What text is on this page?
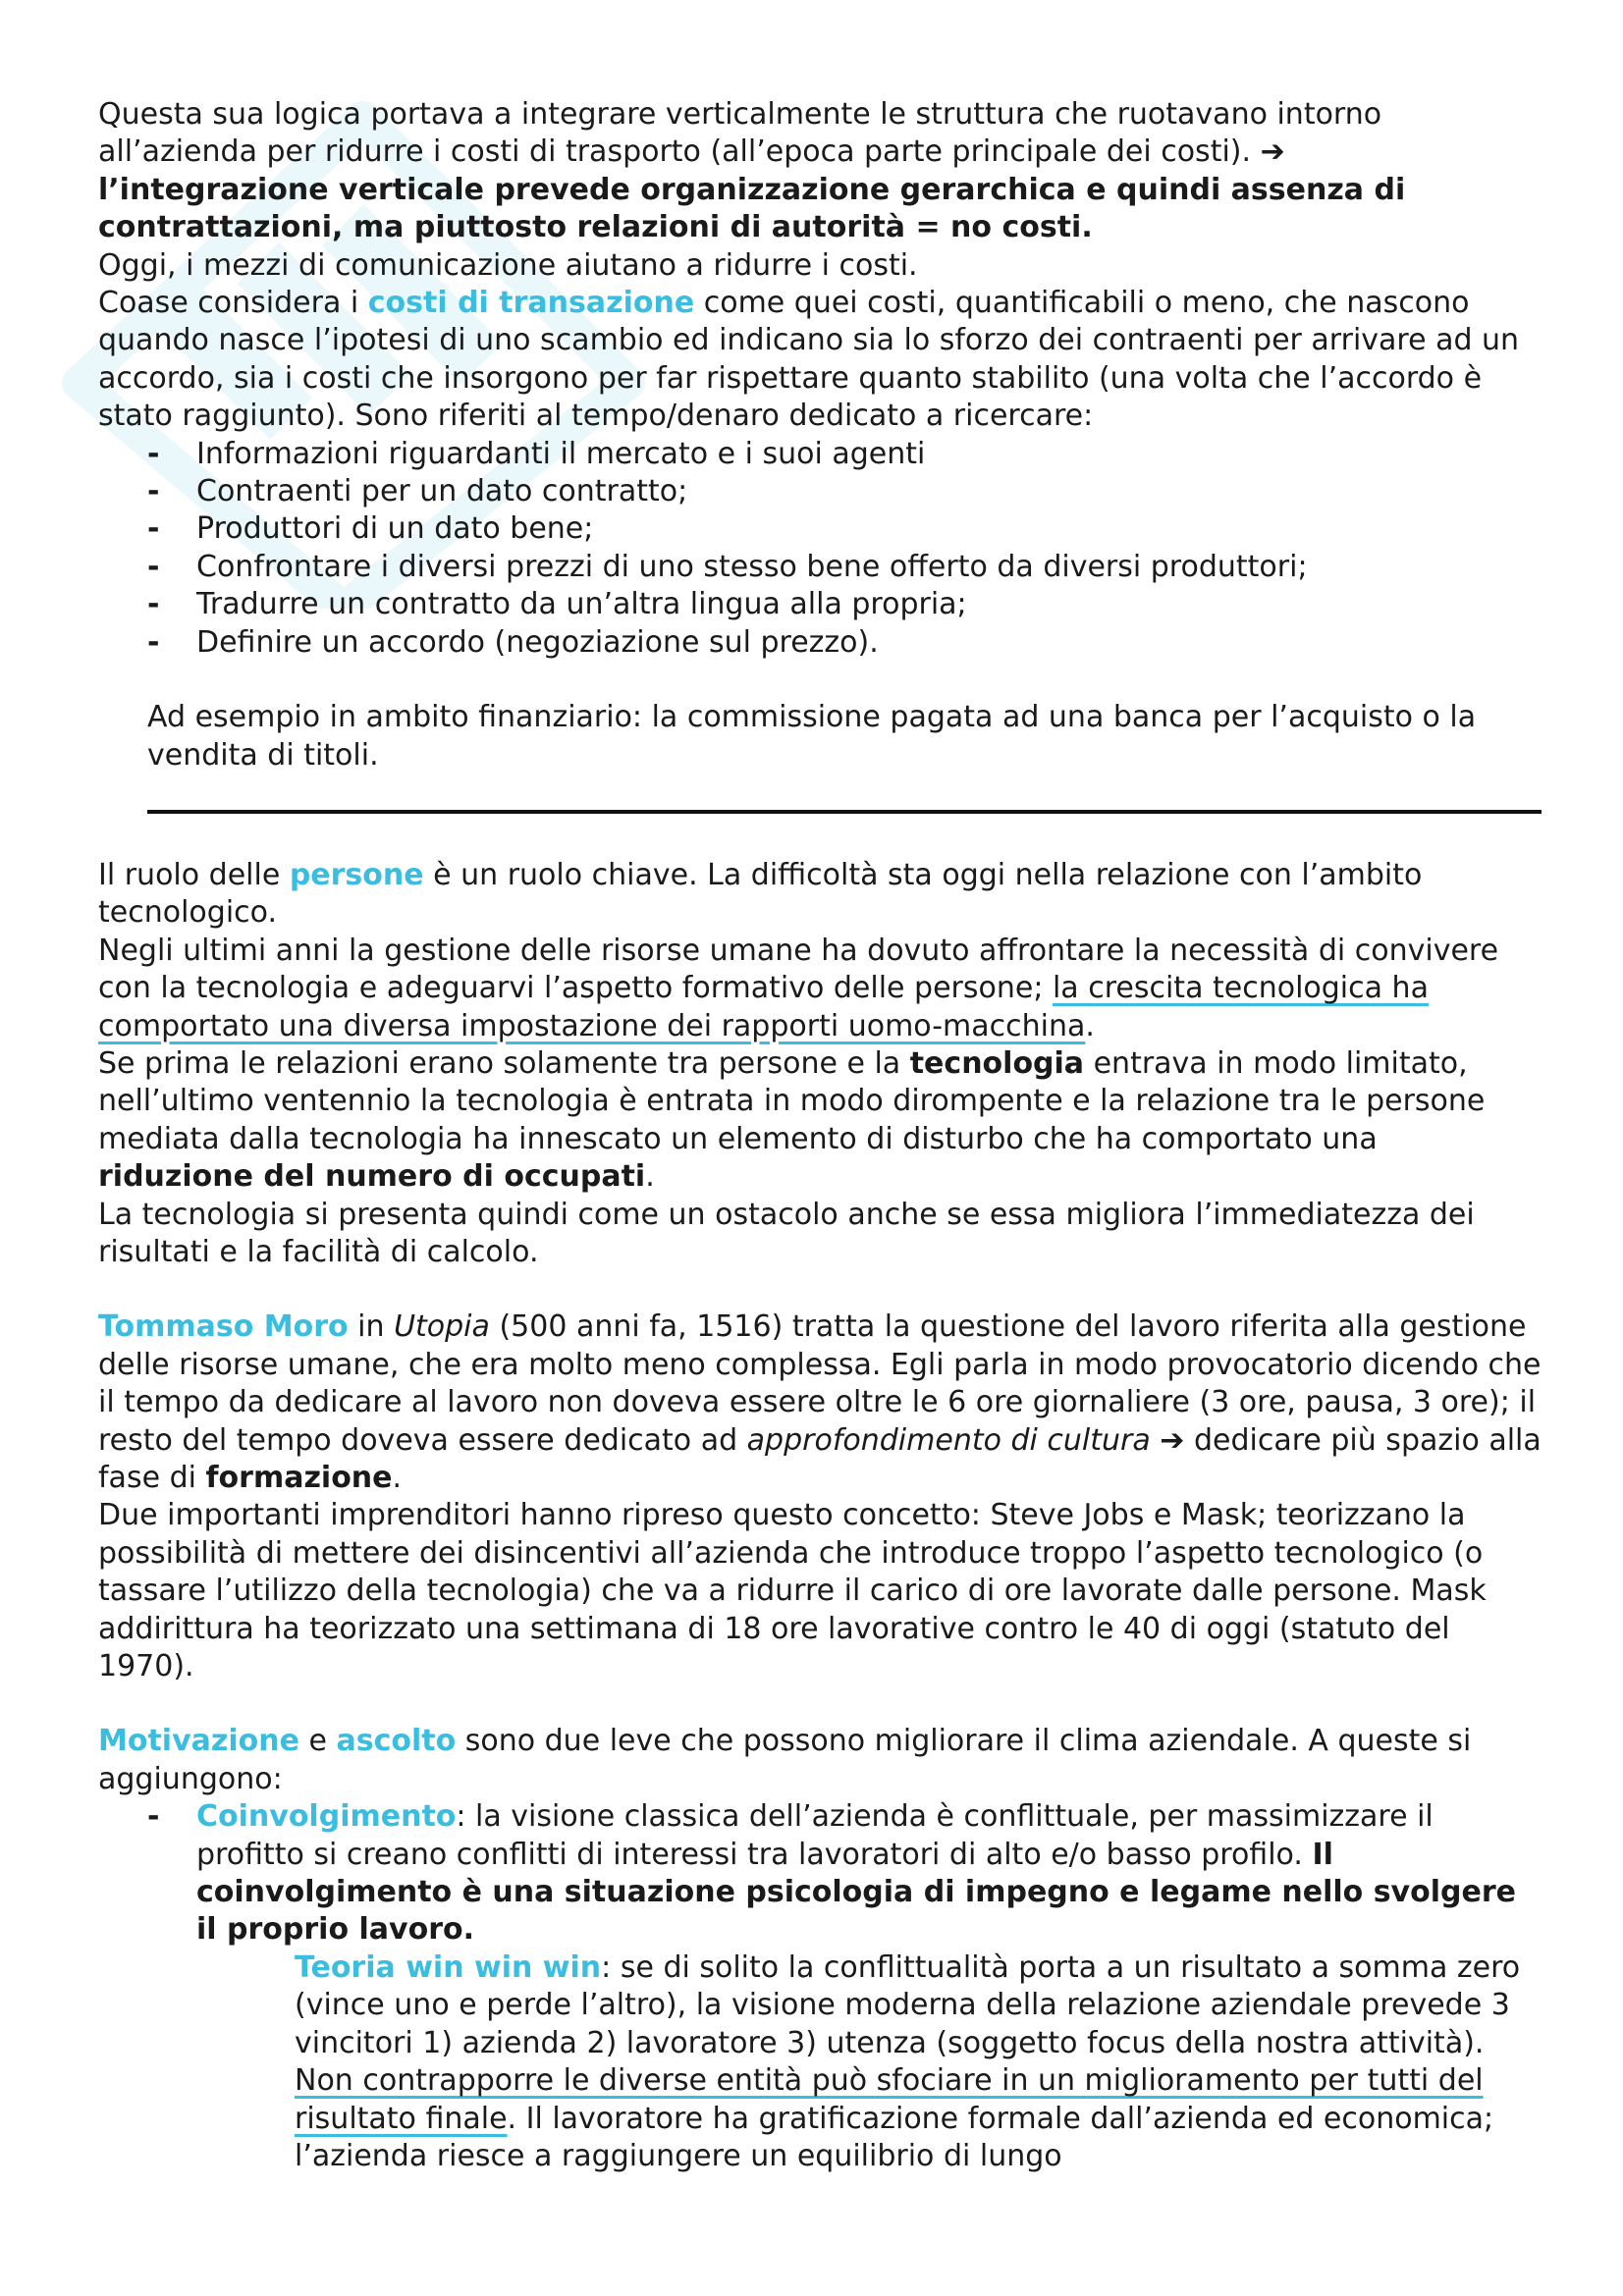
Questa sua logica portava a integrare verticalmente le struttura che ruotavano intorno all’azienda per ridurre i costi di trasporto (all’epoca parte principale dei costi). ➔
l’integrazione verticale prevede organizzazione gerarchica e quindi assenza di contrattazioni, ma piuttosto relazioni di autorità = no costi.

Oggi, i mezzi di comunicazione aiutano a ridurre i costi.

Coase considera i costi di transazione come quei costi, quantificabili o meno, che nascono quando nasce l’ipotesi di uno scambio ed indicano sia lo sforzo dei contraenti per arrivare ad un accordo, sia i costi che insorgono per far rispettare quanto stabilito (una volta che l’accordo è stato raggiunto). Sono riferiti al tempo/denaro dedicato a ricercare:

- Informazioni riguardanti il mercato e i suoi agenti
- Contraenti per un dato contratto;
- Produttori di un dato bene;
- Confrontare i diversi prezzi di uno stesso bene offerto da diversi produttori;
- Tradurre un contratto da un’altra lingua alla propria;
- Definire un accordo (negoziazione sul prezzo).

Ad esempio in ambito finanziario: la commissione pagata ad una banca per l’acquisto o la vendita di titoli.

Il ruolo delle persone è un ruolo chiave. La difficoltà sta oggi nella relazione con l’ambito tecnologico.

Negli ultimi anni la gestione delle risorse umane ha dovuto affrontare la necessità di convivere con la tecnologia e adeguarvi l’aspetto formativo delle persone; la crescita tecnologica ha comportato una diversa impostazione dei rapporti uomo-macchina.

Se prima le relazioni erano solamente tra persone e la tecnologia entrava in modo limitato, nell’ultimo ventennio la tecnologia è entrata in modo dirompente e la relazione tra le persone mediata dalla tecnologia ha innescato un elemento di disturbo che ha comportato una riduzione del numero di occupati.

La tecnologia si presenta quindi come un ostacolo anche se essa migliora l’immediatezza dei risultati e la facilità di calcolo.

Tommaso Moro in Utopia (500 anni fa, 1516) tratta la questione del lavoro riferita alla gestione delle risorse umane, che era molto meno complessa. Egli parla in modo provocatorio dicendo che il tempo da dedicare al lavoro non doveva essere oltre le 6 ore giornaliere (3 ore, pausa, 3 ore); il resto del tempo doveva essere dedicato ad approfondimento di cultura ➔ dedicare più spazio alla fase di formazione.

Due importanti imprenditori hanno ripreso questo concetto: Steve Jobs e Mask; teorizzano la possibilità di mettere dei disincentivi all’azienda che introduce troppo l’aspetto tecnologico (o tassare l’utilizzo della tecnologia) che va a ridurre il carico di ore lavorate dalle persone. Mask addirittura ha teorizzato una settimana di 18 ore lavorative contro le 40 di oggi (statuto del 1970).

Motivazione e ascolto sono due leve che possono migliorare il clima aziendale. A queste si aggiungono:

- Coinvolgimento: la visione classica dell’azienda è conflittuale, per massimizzare il profitto si creano conflitti di interessi tra lavoratori di alto e/o basso profilo. Il coinvolgimento è una situazione psicologia di impegno e legame nello svolgere il proprio lavoro.

Teoria win win win: se di solito la conflittualità porta a un risultato a somma zero (vince uno e perde l’altro), la visione moderna della relazione aziendale prevede 3 vincitori 1) azienda 2) lavoratore 3) utenza (soggetto focus della nostra attività). Non contrapporre le diverse entità può sfociare in un miglioramento per tutti del risultato finale. Il lavoratore ha gratificazione formale dall’azienda ed economica; l’azienda riesce a raggiungere un equilibrio di lungo
